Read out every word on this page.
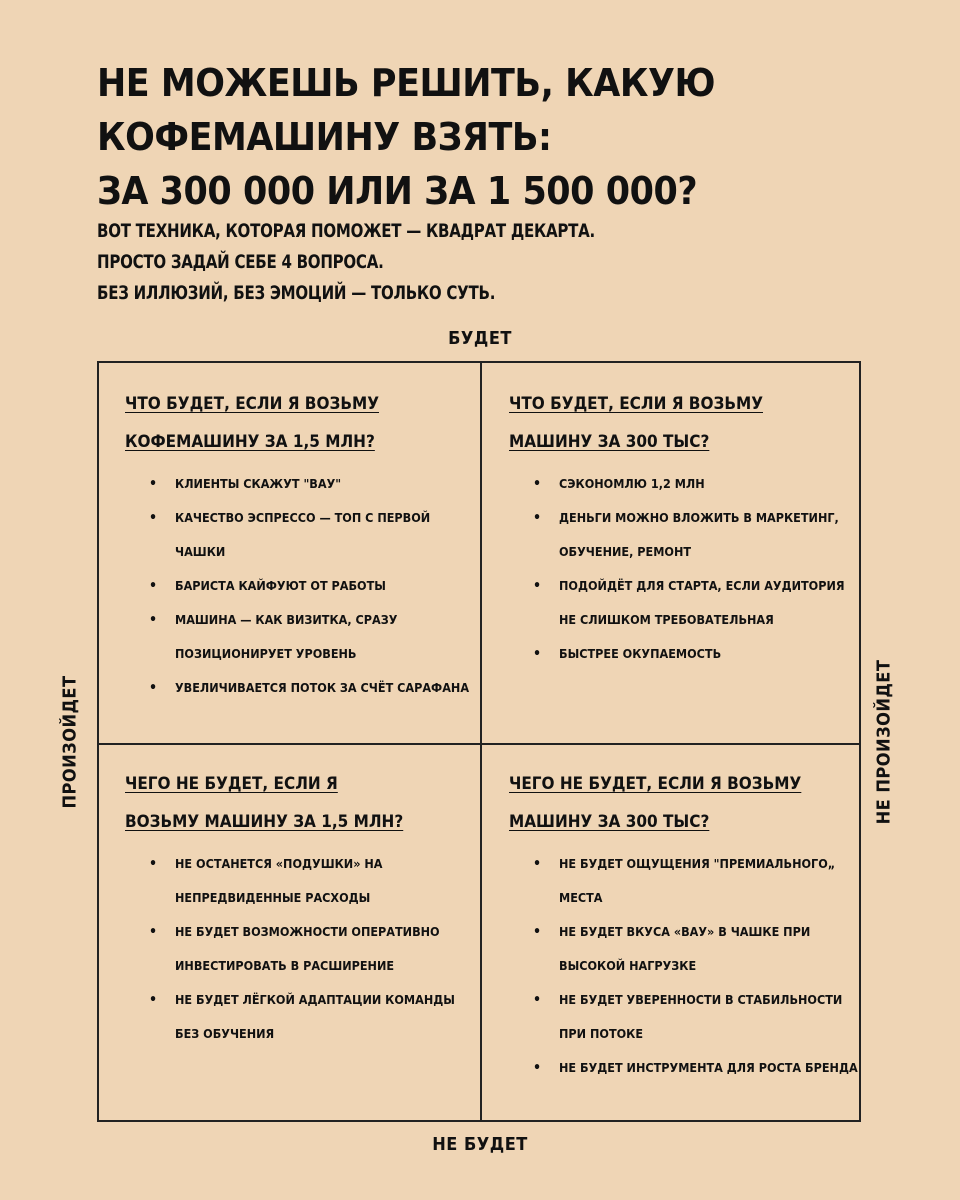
НЕ МОЖЕШЬ РЕШИТЬ, КАКУЮ
КОФЕМАШИНУ ВЗЯТЬ:
ЗА 300 000 ИЛИ ЗА 1 500 000?
ВОТ ТЕХНИКА, КОТОРАЯ ПОМОЖЕТ — КВАДРАТ ДЕКАРТА.
ПРОСТО ЗАДАЙ СЕБЕ 4 ВОПРОСА.
БЕЗ ИЛЛЮЗИЙ, БЕЗ ЭМОЦИЙ — ТОЛЬКО СУТЬ.
БУДЕТ
НЕ БУДЕТ
ПРОИЗОЙДЕТ	НЕ ПРОИЗОЙДЕТ
ЧТО БУДЕТ, ЕСЛИ Я ВОЗЬМУ
КОФЕМАШИНУ ЗА 1,5 МЛН?
• КЛИЕНТЫ СКАЖУТ "ВАУ"
• КАЧЕСТВО ЭСПРЕССО — ТОП С ПЕРВОЙ ЧАШКИ
• БАРИСТА КАЙФУЮТ ОТ РАБОТЫ
• МАШИНА — КАК ВИЗИТКА, СРАЗУ ПОЗИЦИОНИРУЕТ УРОВЕНЬ
• УВЕЛИЧИВАЕТСЯ ПОТОК ЗА СЧЁТ САРАФАНА
ЧТО БУДЕТ, ЕСЛИ Я ВОЗЬМУ
МАШИНУ ЗА 300 ТЫС?
• СЭКОНОМЛЮ 1,2 МЛН
• ДЕНЬГИ МОЖНО ВЛОЖИТЬ В МАРКЕТИНГ, ОБУЧЕНИЕ, РЕМОНТ
• ПОДОЙДЁТ ДЛЯ СТАРТА, ЕСЛИ АУДИТОРИЯ НЕ СЛИШКОМ ТРЕБОВАТЕЛЬНАЯ
• БЫСТРЕЕ ОКУПАЕМОСТЬ
ЧЕГО НЕ БУДЕТ, ЕСЛИ Я
ВОЗЬМУ МАШИНУ ЗА 1,5 МЛН?
• НЕ ОСТАНЕТСЯ «ПОДУШКИ» НА НЕПРЕДВИДЕННЫЕ РАСХОДЫ
• НЕ БУДЕТ ВОЗМОЖНОСТИ ОПЕРАТИВНО ИНВЕСТИРОВАТЬ В РАСШИРЕНИЕ
• НЕ БУДЕТ ЛЁГКОЙ АДАПТАЦИИ КОМАНДЫ БЕЗ ОБУЧЕНИЯ
ЧЕГО НЕ БУДЕТ, ЕСЛИ Я ВОЗЬМУ
МАШИНУ ЗА 300 ТЫС?
• НЕ БУДЕТ ОЩУЩЕНИЯ "ПРЕМИАЛЬНОГО„ МЕСТА
• НЕ БУДЕТ ВКУСА «ВАУ» В ЧАШКЕ ПРИ ВЫСОКОЙ НАГРУЗКЕ
• НЕ БУДЕТ УВЕРЕННОСТИ В СТАБИЛЬНОСТИ ПРИ ПОТОКЕ
• НЕ БУДЕТ ИНСТРУМЕНТА ДЛЯ РОСТА БРЕНДА
